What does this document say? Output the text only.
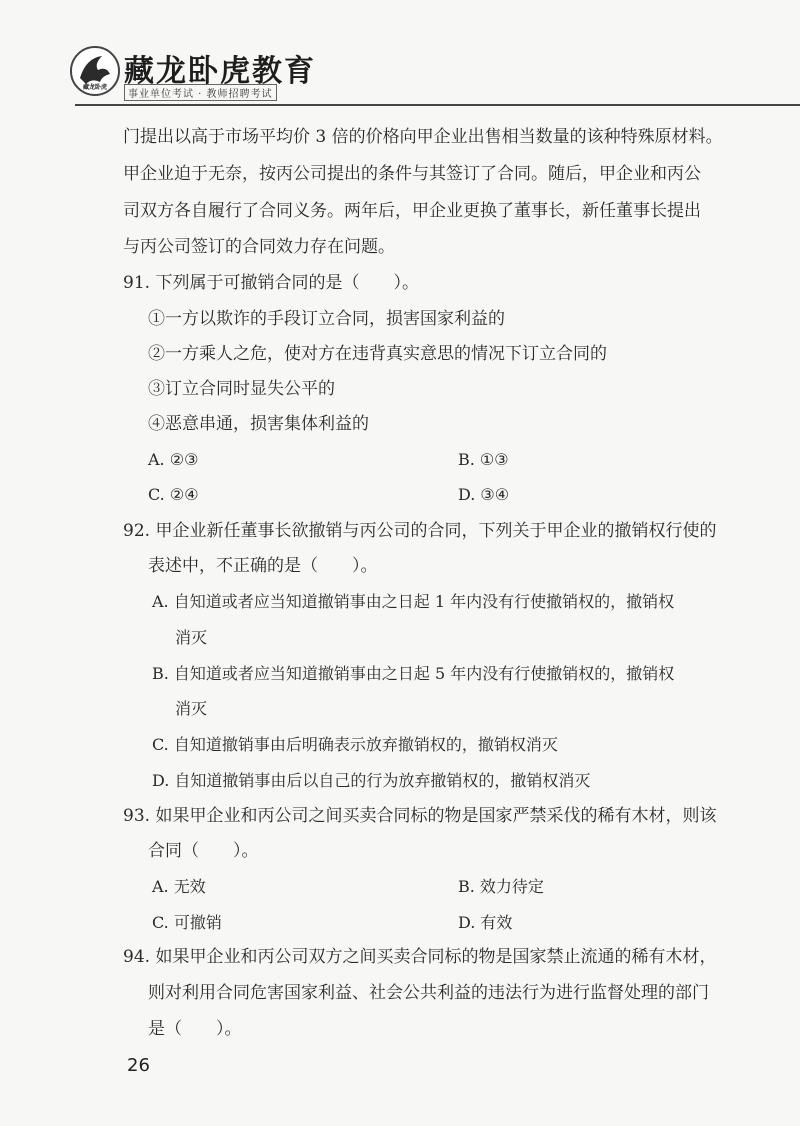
藏龙卧虎 藏龙卧虎教育
事业单位考试 · 教师招聘考试
门提出以高于市场平均价 3 倍的价格向甲企业出售相当数量的该种特殊原材料。
甲企业迫于无奈，按丙公司提出的条件与其签订了合同。随后，甲企业和丙公
司双方各自履行了合同义务。两年后，甲企业更换了董事长，新任董事长提出
与丙公司签订的合同效力存在问题。
91. 下列属于可撤销合同的是（　　）。
①一方以欺诈的手段订立合同，损害国家利益的
②一方乘人之危，使对方在违背真实意思的情况下订立合同的
③订立合同时显失公平的
④恶意串通，损害集体利益的
A. ②③	B. ①③
C. ②④	D. ③④
92. 甲企业新任董事长欲撤销与丙公司的合同，下列关于甲企业的撤销权行使的
表述中，不正确的是（　　）。
A. 自知道或者应当知道撤销事由之日起 1 年内没有行使撤销权的，撤销权
消灭
B. 自知道或者应当知道撤销事由之日起 5 年内没有行使撤销权的，撤销权
消灭
C. 自知道撤销事由后明确表示放弃撤销权的，撤销权消灭
D. 自知道撤销事由后以自己的行为放弃撤销权的，撤销权消灭
93. 如果甲企业和丙公司之间买卖合同标的物是国家严禁采伐的稀有木材，则该
合同（　　）。
A. 无效	B. 效力待定
C. 可撤销	D. 有效
94. 如果甲企业和丙公司双方之间买卖合同标的物是国家禁止流通的稀有木材，
则对利用合同危害国家利益、社会公共利益的违法行为进行监督处理的部门
是（　　）。
26
